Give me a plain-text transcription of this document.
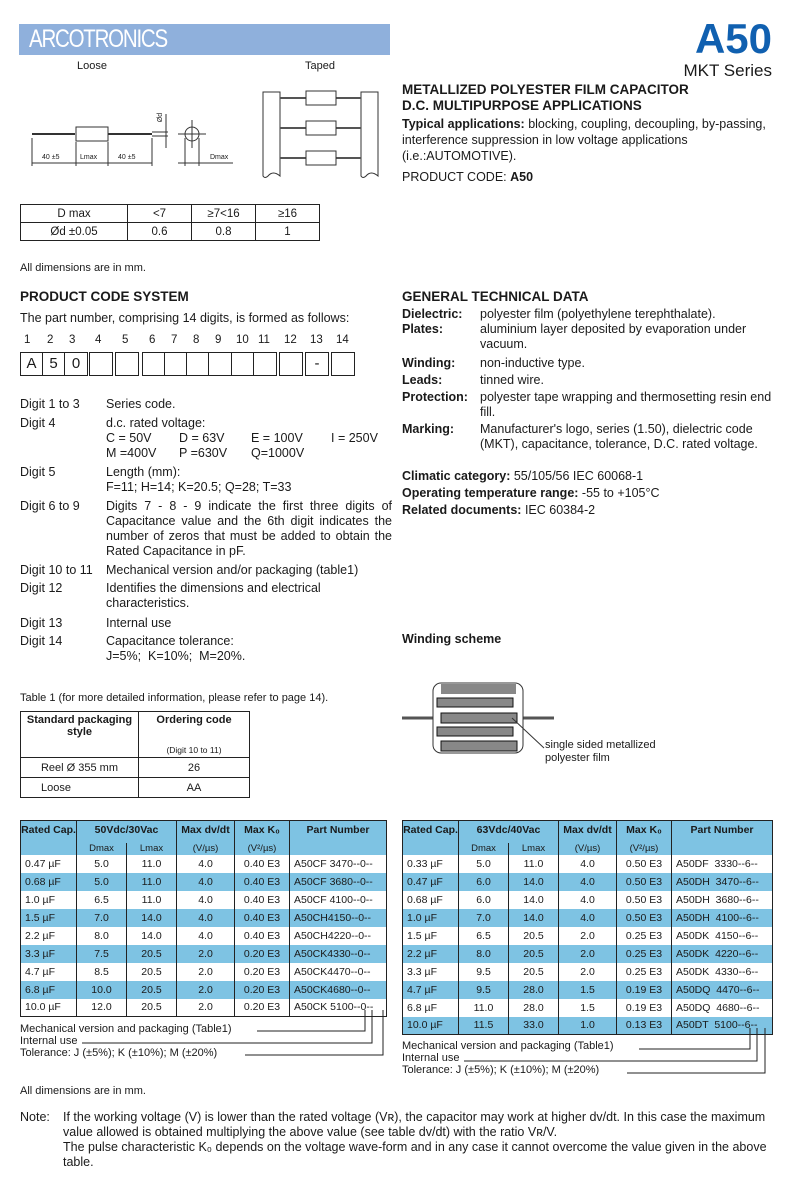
ARCOTRONICS	A50
MKT Series
Loose	Taped
40 ±5	Lmax	40 ±5	Dmax
Ød
D max	<7	≥7<16	≥16
Ød ±0.05	0.6	0.8	1
All dimensions are in mm.
METALLIZED POLYESTER FILM CAPACITOR
D.C. MULTIPURPOSE APPLICATIONS
Typical applications: blocking, coupling, decoupling, by-passing, interference suppression in low voltage applications (i.e.:AUTOMOTIVE).
PRODUCT CODE: A50
PRODUCT CODE SYSTEM
The part number, comprising 14 digits, is formed as follows:
1 2 3 4 5 6 7 8 9 10 11 12 13 14
A 5 0	-
Digit 1 to 3	Series code.
Digit 4	d.c. rated voltage:
C = 50V	D = 63V	E = 100V	I = 250V
M =400V	P =630V	Q=1000V
Digit 5	Length (mm):
F=11; H=14; K=20.5; Q=28; T=33
Digit 6 to 9	Digits 7 - 8 - 9 indicate the first three digits of Capacitance value and the 6th digit indicates the number of zeros that must be added to obtain the Rated Capacitance in pF.
Digit 10 to 11	Mechanical version and/or packaging (table1)
Digit 12	Identifies the dimensions and electrical characteristics.
Digit 13	Internal use
Digit 14	Capacitance tolerance:
J=5%;  K=10%;  M=20%.
GENERAL TECHNICAL DATA
Dielectric:	polyester film (polyethylene terephthalate).
Plates:	aluminium layer deposited by evaporation under vacuum.
Winding:	non-inductive type.
Leads:	tinned wire.
Protection: polyester tape wrapping and thermosetting resin end fill.
Marking:	Manufacturer's logo, series (1.50), dielectric code (MKT), capacitance, tolerance, D.C. rated voltage.
Climatic category: 55/105/56 IEC 60068-1
Operating temperature range: -55 to +105°C
Related documents: IEC 60384-2
Winding scheme
single sided metallized
polyester film
Table 1 (for more detailed information, please refer to page 14).
Standard packaging style	Ordering code
(Digit 10 to 11)

Reel Ø 355 mm	26
Loose	AA
Rated Cap.	50Vdc/30Vac		Max dv/dt	Max K₀	Part Number
	Dmax	Lmax	(V/µs)	(V²/µs)	
0.47 µF	5.0	11.0	4.0	0.40 E3	A50CF 3470--0--
0.68 µF	5.0	11.0	4.0	0.40 E3	A50CF 3680--0--
1.0 µF	6.5	11.0	4.0	0.40 E3	A50CF 4100--0--
1.5 µF	7.0	14.0	4.0	0.40 E3	A50CH4150--0--
2.2 µF	8.0	14.0	4.0	0.40 E3	A50CH4220--0--
3.3 µF	7.5	20.5	2.0	0.20 E3	A50CK4330--0--
4.7 µF	8.5	20.5	2.0	0.20 E3	A50CK4470--0--
6.8 µF	10.0	20.5	2.0	0.20 E3	A50CK4680--0--
10.0 µF	12.0	20.5	2.0	0.20 E3	A50CK 5100--0--
Mechanical version and packaging (Table1)
Internal use
Tolerance: J (±5%); K (±10%); M (±20%)
Rated Cap.	63Vdc/40Vac		Max dv/dt	Max K₀	Part Number
	Dmax	Lmax	(V/µs)	(V²/µs)	
0.33 µF	5.0	11.0	4.0	0.50 E3	A50DF  3330--6--
0.47 µF	6.0	14.0	4.0	0.50 E3	A50DH  3470--6--
0.68 µF	6.0	14.0	4.0	0.50 E3	A50DH  3680--6--
1.0 µF	7.0	14.0	4.0	0.50 E3	A50DH  4100--6--
1.5 µF	6.5	20.5	2.0	0.25 E3	A50DK  4150--6--
2.2 µF	8.0	20.5	2.0	0.25 E3	A50DK  4220--6--
3.3 µF	9.5	20.5	2.0	0.25 E3	A50DK  4330--6--
4.7 µF	9.5	28.0	1.5	0.19 E3	A50DQ  4470--6--
6.8 µF	11.0	28.0	1.5	0.19 E3	A50DQ  4680--6--
10.0 µF	11.5	33.0	1.0	0.13 E3	A50DT  5100--6--
Mechanical version and packaging (Table1)
Internal use
Tolerance: J (±5%); K (±10%); M (±20%)
All dimensions are in mm.
Note: If the working voltage (V) is lower than the rated voltage (Vʀ), the capacitor may work at higher dv/dt. In this case the maximum value allowed is obtained multiplying the above value (see table dv/dt) with the ratio Vʀ/V.
The pulse characteristic K₀ depends on the voltage wave-form and in any case it cannot overcome the value given in the above table.
